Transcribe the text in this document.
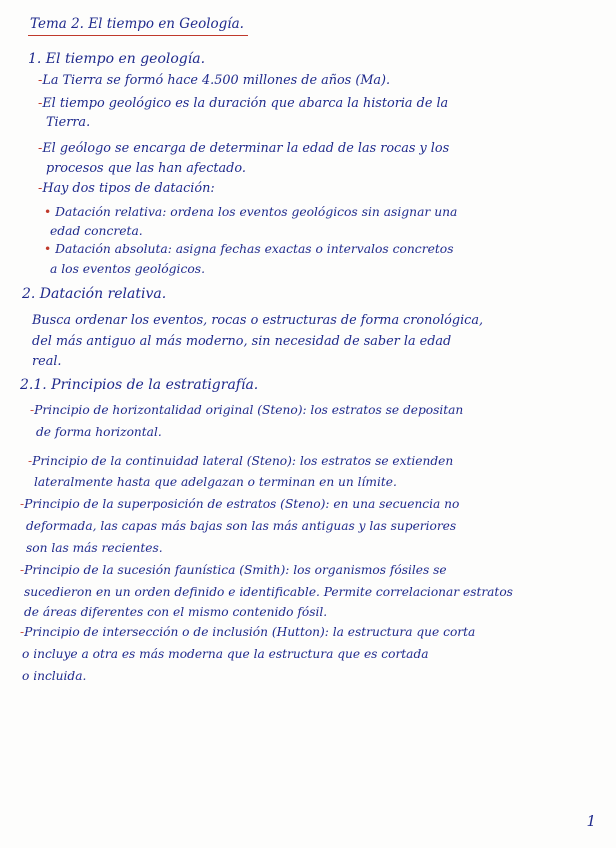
Tema 2. El tiempo en Geología.
1. El tiempo en geología.
-La Tierra se formó hace 4.500 millones de años (Ma).
-El tiempo geológico es la duración que abarca la historia de la
Tierra.
-El geólogo se encarga de determinar la edad de las rocas y los
procesos que las han afectado.
-Hay dos tipos de datación:
• Datación relativa: ordena los eventos geológicos sin asignar una
edad concreta.
• Datación absoluta: asigna fechas exactas o intervalos concretos
a los eventos geológicos.
2. Datación relativa.
Busca ordenar los eventos, rocas o estructuras de forma cronológica,
del más antiguo al más moderno, sin necesidad de saber la edad
real.
2.1. Principios de la estratigrafía.
-Principio de horizontalidad original (Steno): los estratos se depositan
de forma horizontal.
-Principio de la continuidad lateral (Steno): los estratos se extienden
lateralmente hasta que adelgazan o terminan en un límite.
-Principio de la superposición de estratos (Steno): en una secuencia no
deformada, las capas más bajas son las más antiguas y las superiores
son las más recientes.
-Principio de la sucesión faunística (Smith): los organismos fósiles se
sucedieron en un orden definido e identificable. Permite correlacionar estratos
de áreas diferentes con el mismo contenido fósil.
-Principio de intersección o de inclusión (Hutton): la estructura que corta
o incluye a otra es más moderna que la estructura que es cortada
o incluida.
1
